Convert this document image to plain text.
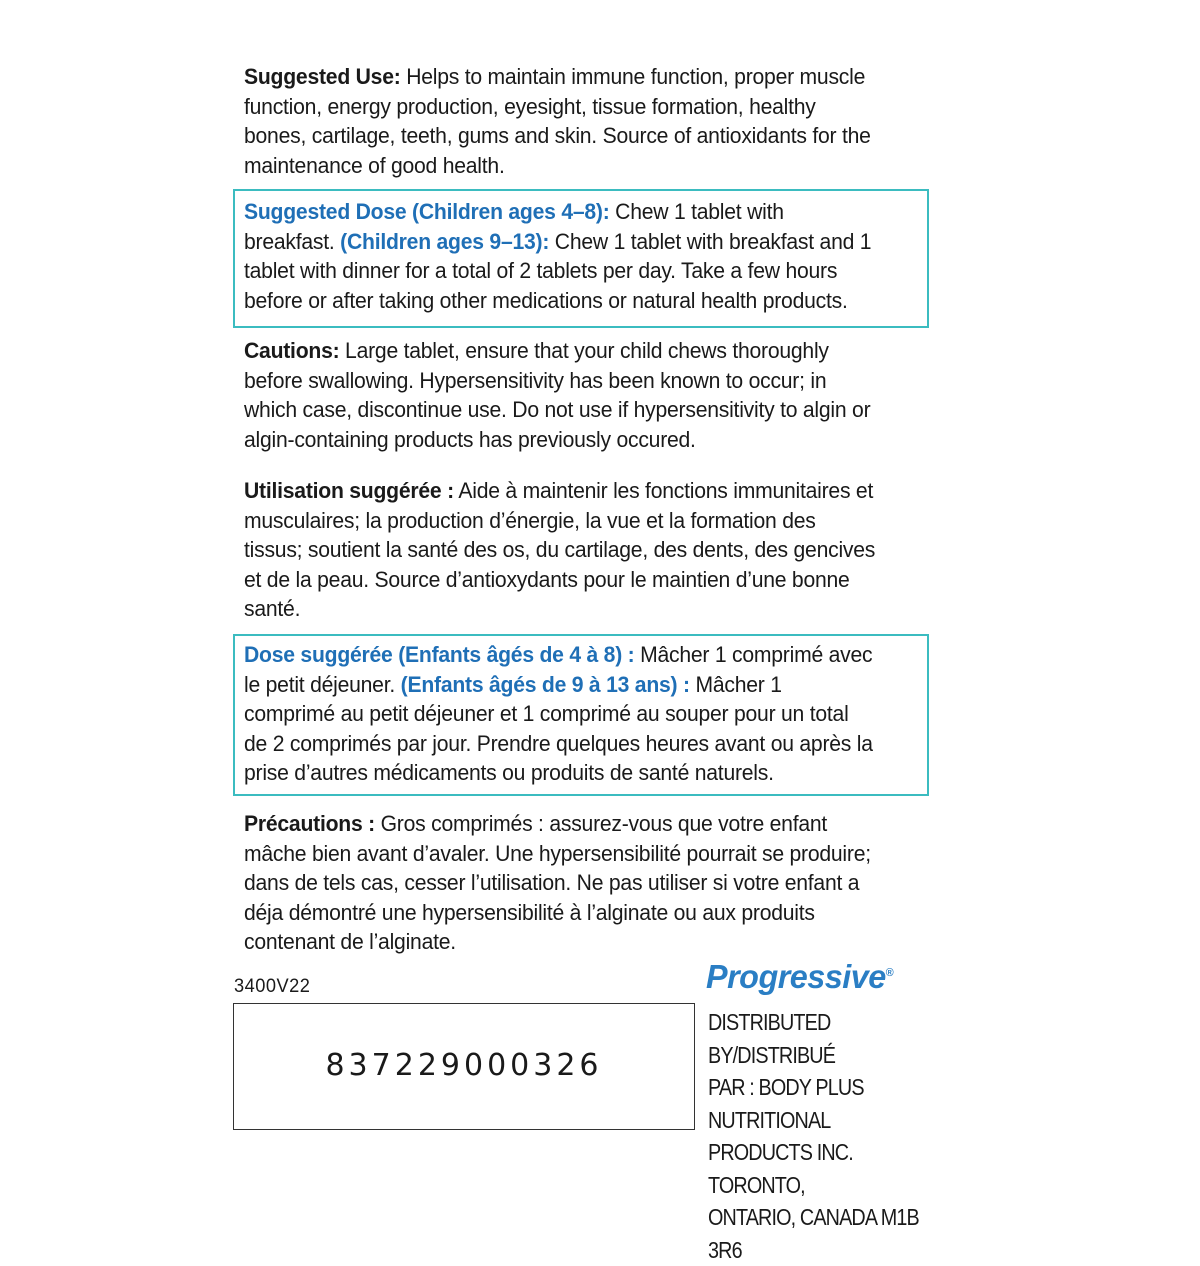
Suggested Use: Helps to maintain immune function, proper muscle function, energy production, eyesight, tissue formation, healthy bones, cartilage, teeth, gums and skin. Source of antioxidants for the maintenance of good health.
Suggested Dose (Children ages 4–8): Chew 1 tablet with breakfast. (Children ages 9–13): Chew 1 tablet with breakfast and 1 tablet with dinner for a total of 2 tablets per day. Take a few hours before or after taking other medications or natural health products.
Cautions: Large tablet, ensure that your child chews thoroughly before swallowing. Hypersensitivity has been known to occur; in which case, discontinue use. Do not use if hypersensitivity to algin or algin-containing products has previously occured.
Utilisation suggérée : Aide à maintenir les fonctions immunitaires et musculaires; la production d’énergie, la vue et la formation des tissus; soutient la santé des os, du cartilage, des dents, des gencives et de la peau. Source d’antioxydants pour le maintien d’une bonne santé.
Dose suggérée (Enfants âgés de 4 à 8) : Mâcher 1 comprimé avec le petit déjeuner. (Enfants âgés de 9 à 13 ans) : Mâcher 1 comprimé au petit déjeuner et 1 comprimé au souper pour un total de 2 comprimés par jour. Prendre quelques heures avant ou après la prise d’autres médicaments ou produits de santé naturels.
Précautions : Gros comprimés : assurez-vous que votre enfant mâche bien avant d’avaler. Une hypersensibilité pourrait se produire; dans de tels cas, cesser l’utilisation. Ne pas utiliser si votre enfant a déja démontré une hypersensibilité à l’alginate ou aux produits contenant de l’alginate.
3400V22
837229000326
Progressive®
DISTRIBUTED BY/DISTRIBUÉ
PAR : BODY PLUS NUTRITIONAL
PRODUCTS INC. TORONTO,
ONTARIO, CANADA M1B 3R6
